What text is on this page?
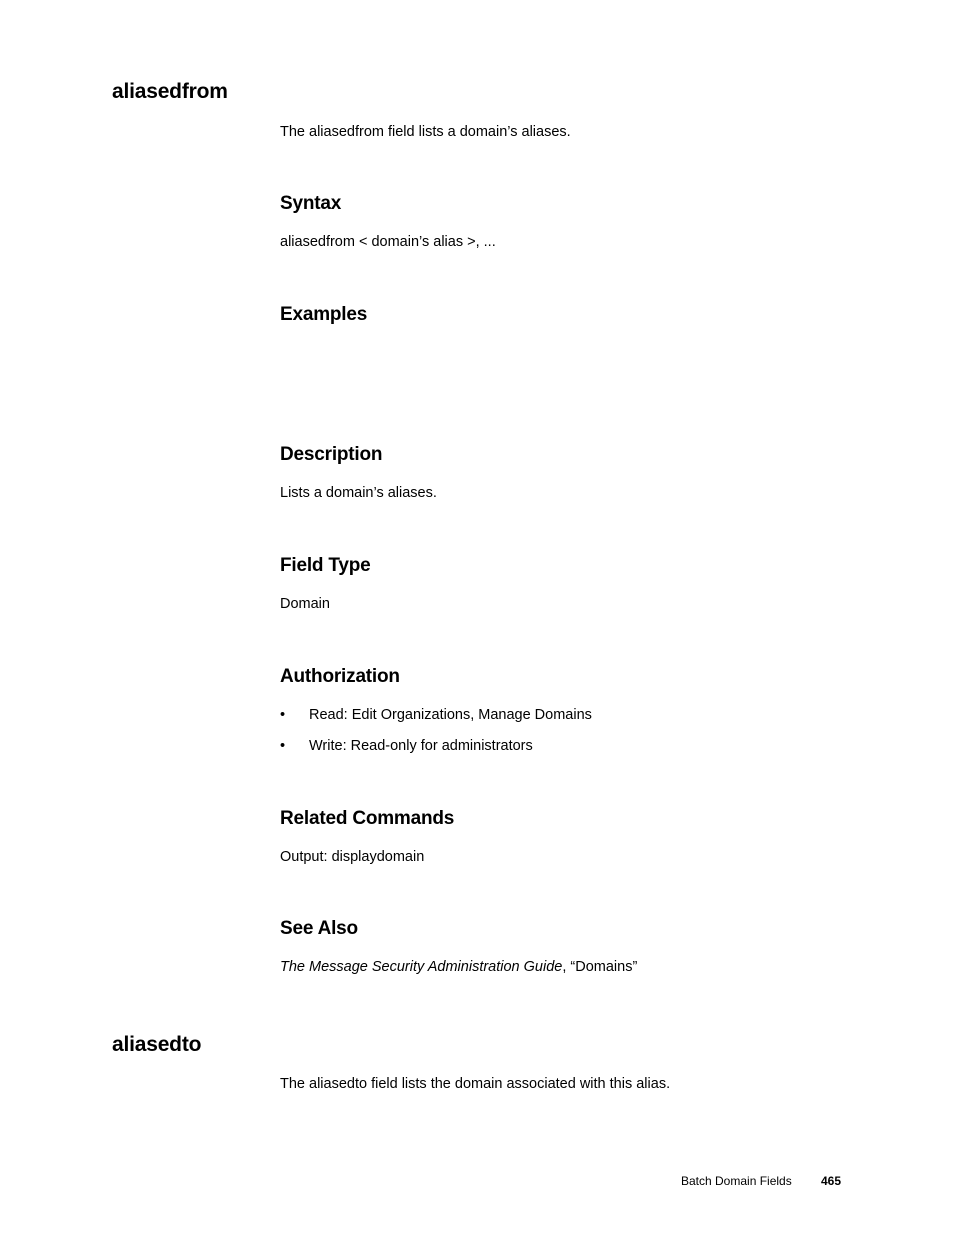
aliasedfrom

The aliasedfrom field lists a domain’s aliases.

Syntax

aliasedfrom < domain’s alias >, ...

Examples
Description

Lists a domain’s aliases.

Field Type

Domain

Authorization
• Read: Edit Organizations, Manage Domains
• Write: Read-only for administrators
Related Commands

Output: displaydomain

See Also

The Message Security Administration Guide, “Domains”

aliasedto

The aliasedto field lists the domain associated with this alias.

Batch Domain Fields 465
